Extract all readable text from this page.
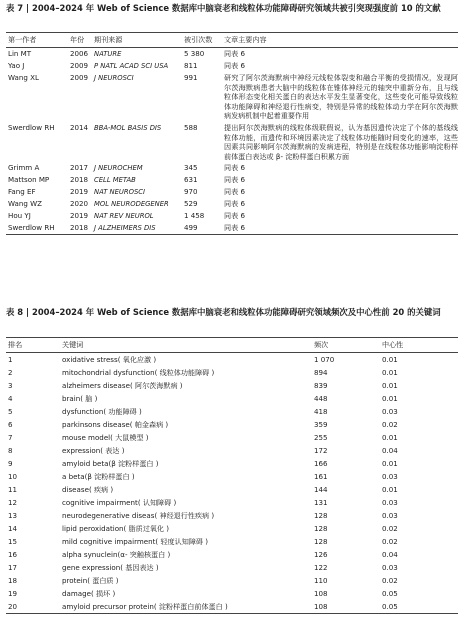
表 7 | 2004–2024 年 Web of Science 数据库中脑衰老和线粒体功能障碍研究领域共被引突现强度前 10 的文献
第一作者	年份	期刊来源	被引次数	文章主要内容
Lin MT	2006	NATURE	5 380	同表 6
Yao J	2009	P NATL ACAD SCI USA	811	同表 6
Wang XL	2009	J NEUROSCI	991	研究了阿尔茨海默病中神经元线粒体裂变和融合平衡的受损情况，发现阿尔茨海默病患者大脑中的线粒体在锥体神经元的轴突中重新分布，且与线粒体形态变化相关蛋白的表达水平发生显著变化，这些变化可能导致线粒体功能障碍和神经退行性病变，特别是异常的线粒体动力学在阿尔茨海默病发病机制中起着重要作用
Swerdlow RH	2014	BBA-MOL BASIS DIS	588	提出阿尔茨海默病的线粒体级联假说，认为基因遗传决定了个体的基线线粒体功能，而遗传和环境因素决定了线粒体功能随时间变化的速率，这些因素共同影响阿尔茨海默病的发病进程，特别是在线粒体功能影响淀粉样前体蛋白表达或 β- 淀粉样蛋白积累方面
Grimm A	2017	J NEUROCHEM	345	同表 6
Mattson MP	2018	CELL METAB	631	同表 6
Fang EF	2019	NAT NEUROSCI	970	同表 6
Wang WZ	2020	MOL NEURODEGENER	529	同表 6
Hou YJ	2019	NAT REV NEUROL	1 458	同表 6
Swerdlow RH	2018	J ALZHEIMERS DIS	499	同表 6
表 8 | 2004–2024 年 Web of Science 数据库中脑衰老和线粒体功能障碍研究领域频次及中心性前 20 的关键词
排名	关键词	频次	中心性
1	oxidative stress( 氧化应激 )	1 070	0.01
2	mitochondrial dysfunction( 线粒体功能障碍 )	894	0.01
3	alzheimers disease( 阿尔茨海默病 )	839	0.01
4	brain( 脑 )	448	0.01
5	dysfunction( 功能障碍 )	418	0.03
6	parkinsons disease( 帕金森病 )	359	0.02
7	mouse model( 大鼠模型 )	255	0.01
8	expression( 表达 )	172	0.04
9	amyloid beta(β 淀粉样蛋白 )	166	0.01
10	a beta(β 淀粉样蛋白 )	161	0.03
11	disease( 疾病 )	144	0.01
12	cognitive impairment( 认知障碍 )	131	0.03
13	neurodegenerative diseas( 神经退行性疾病 )	128	0.03
14	lipid peroxidation( 脂质过氧化 )	128	0.02
15	mild cognitive impairment( 轻度认知障碍 )	128	0.02
16	alpha synuclein(α- 突触核蛋白 )	126	0.04
17	gene expression( 基因表达 )	122	0.03
18	protein( 蛋白质 )	110	0.02
19	damage( 损坏 )	108	0.05
20	amyloid precursor protein( 淀粉样蛋白前体蛋白 )	108	0.05
